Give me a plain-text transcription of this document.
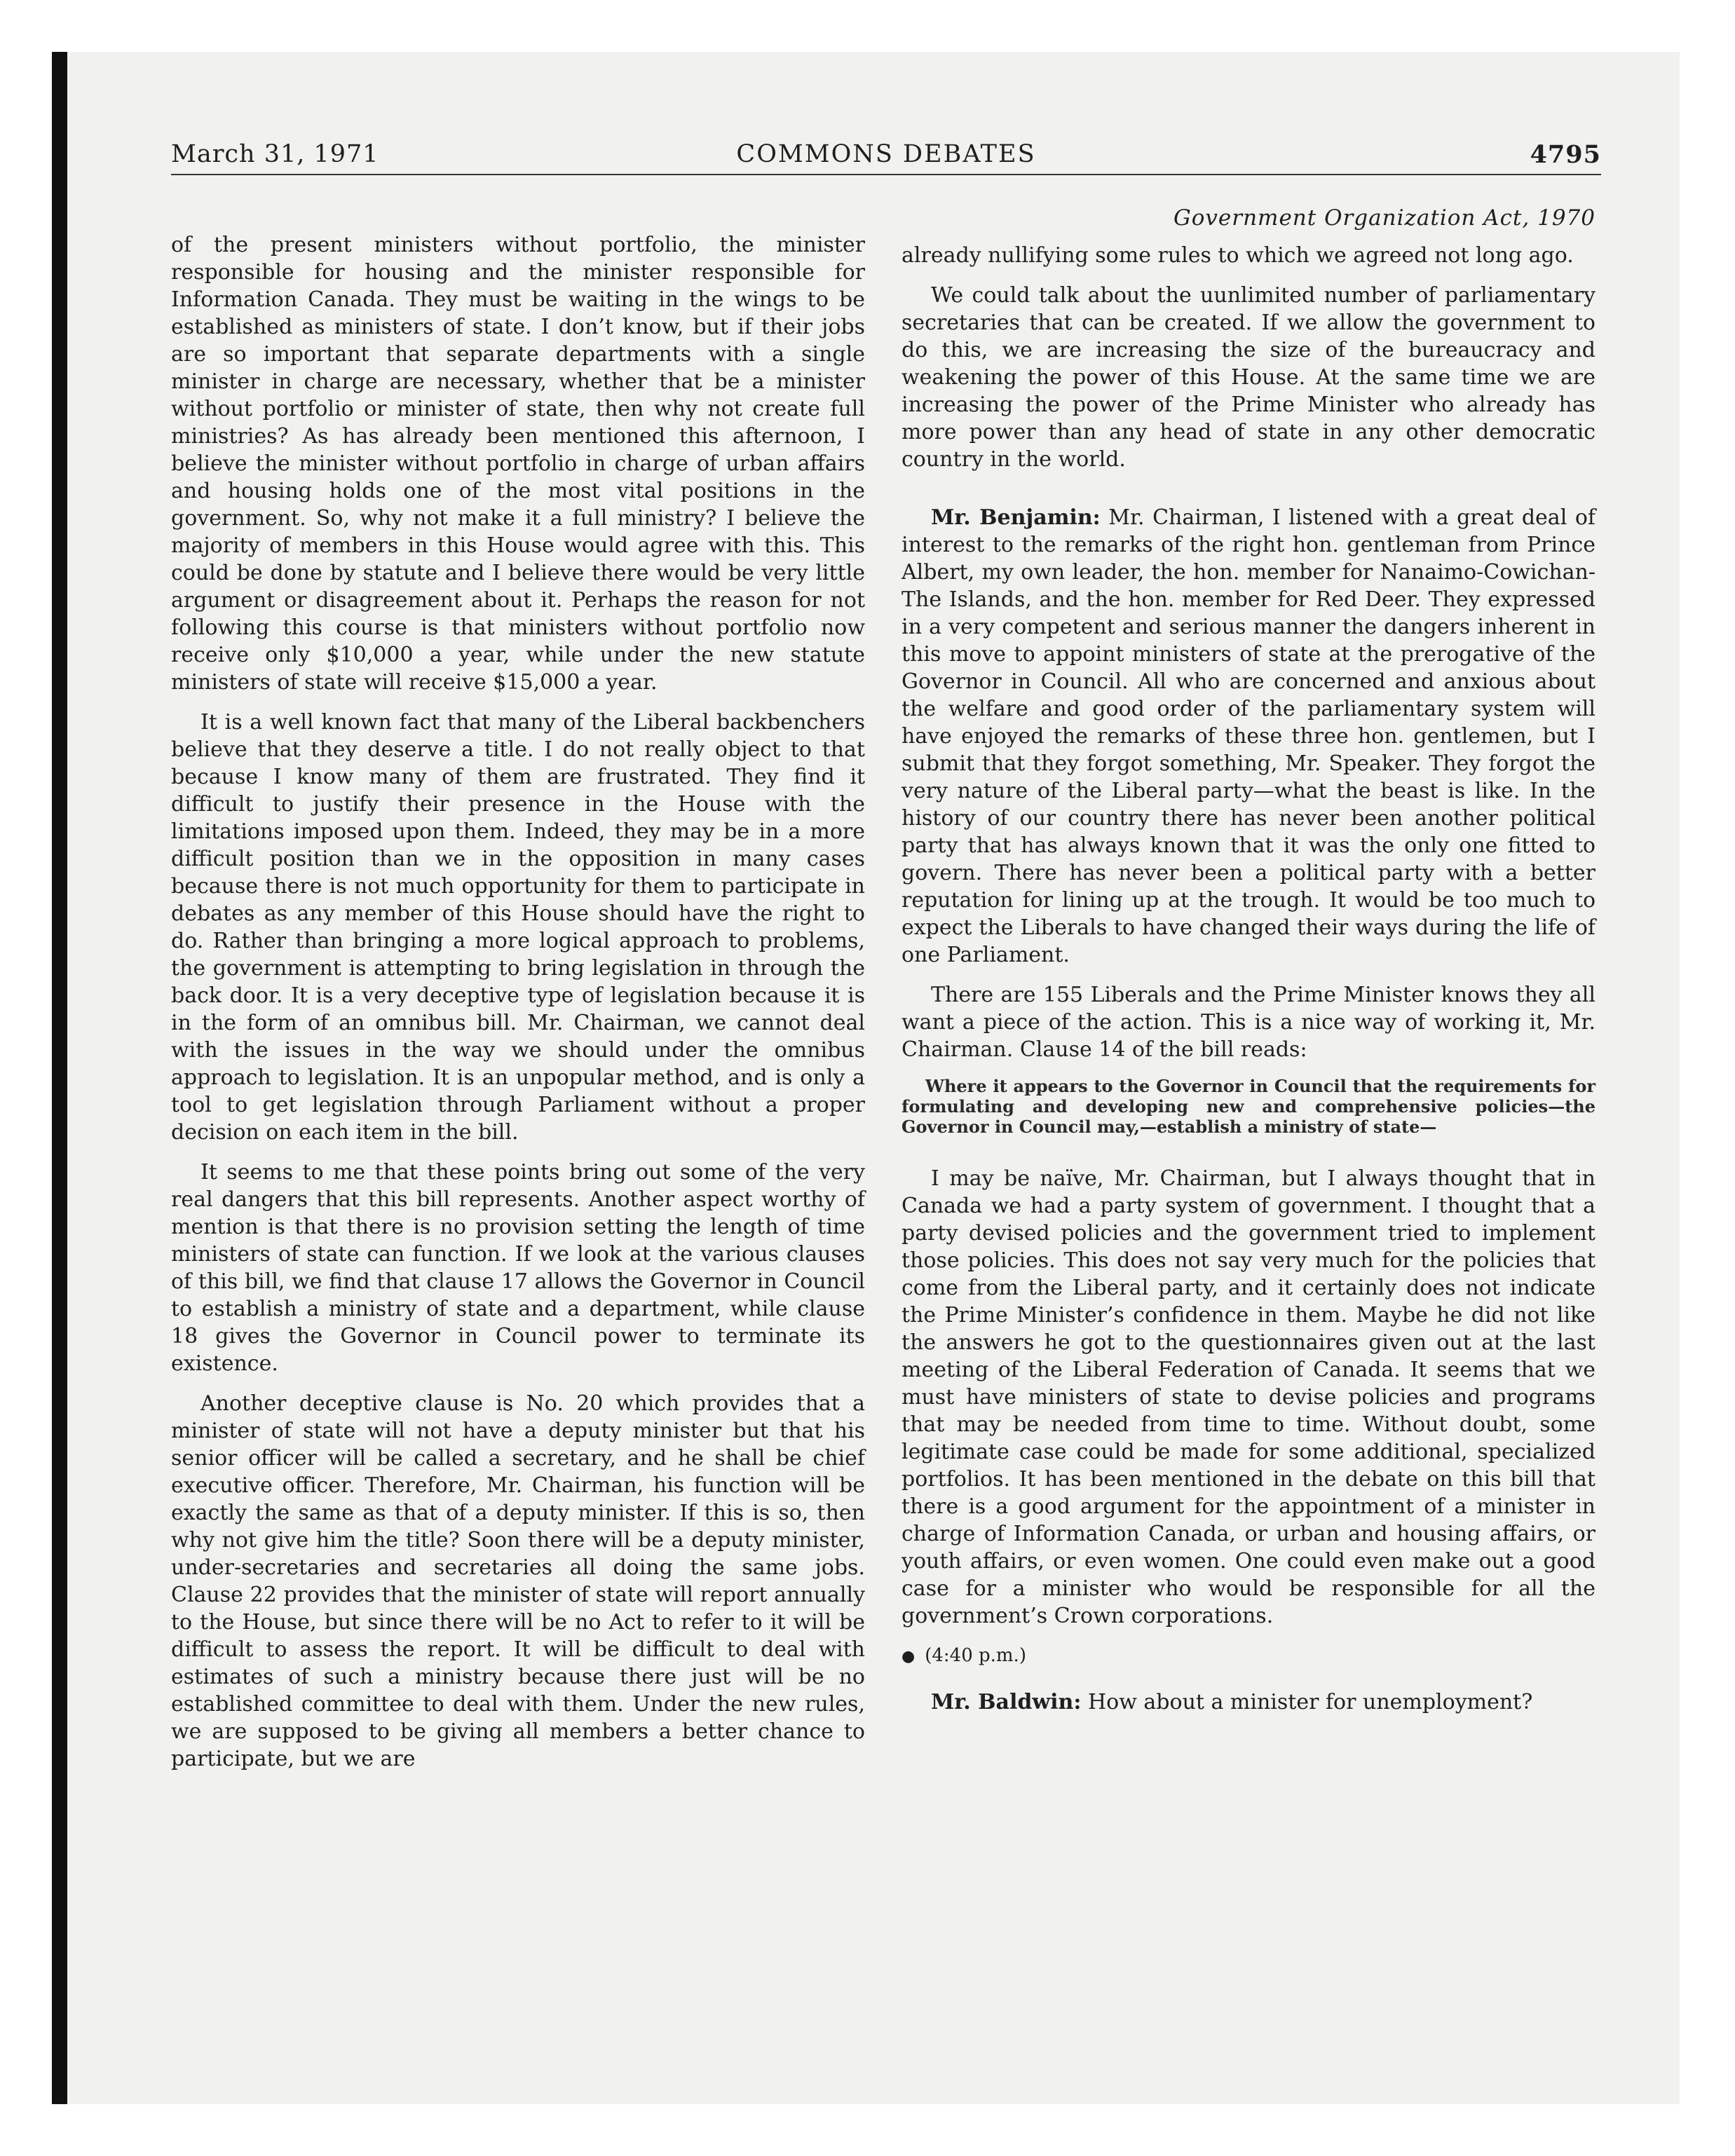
March 31, 1971	COMMONS DEBATES	4795

of the present ministers without portfolio, the minister responsible for housing and the minister responsible for Information Canada. They must be waiting in the wings to be established as ministers of state. I don’t know, but if their jobs are so important that separate departments with a single minister in charge are necessary, whether that be a minister without portfolio or minister of state, then why not create full ministries? As has already been mentioned this afternoon, I believe the minister without portfolio in charge of urban affairs and housing holds one of the most vital positions in the government. So, why not make it a full ministry? I believe the majority of members in this House would agree with this. This could be done by statute and I believe there would be very little argument or disagreement about it. Perhaps the reason for not following this course is that ministers without portfolio now receive only $10,000 a year, while under the new statute ministers of state will receive $15,000 a year.

It is a well known fact that many of the Liberal backbenchers believe that they deserve a title. I do not really object to that because I know many of them are frustrated. They find it difficult to justify their presence in the House with the limitations imposed upon them. Indeed, they may be in a more difficult position than we in the opposition in many cases because there is not much opportunity for them to participate in debates as any member of this House should have the right to do. Rather than bringing a more logical approach to problems, the government is attempting to bring legislation in through the back door. It is a very deceptive type of legislation because it is in the form of an omnibus bill. Mr. Chairman, we cannot deal with the issues in the way we should under the omnibus approach to legislation. It is an unpopular method, and is only a tool to get legislation through Parliament without a proper decision on each item in the bill.

It seems to me that these points bring out some of the very real dangers that this bill represents. Another aspect worthy of mention is that there is no provision setting the length of time ministers of state can function. If we look at the various clauses of this bill, we find that clause 17 allows the Governor in Council to establish a ministry of state and a department, while clause 18 gives the Governor in Council power to terminate its existence.

Another deceptive clause is No. 20 which provides that a minister of state will not have a deputy minister but that his senior officer will be called a secretary, and he shall be chief executive officer. Therefore, Mr. Chairman, his function will be exactly the same as that of a deputy minister. If this is so, then why not give him the title? Soon there will be a deputy minister, under-secretaries and secretaries all doing the same jobs. Clause 22 provides that the minister of state will report annually to the House, but since there will be no Act to refer to it will be difficult to assess the report. It will be difficult to deal with estimates of such a ministry because there just will be no established committee to deal with them. Under the new rules, we are supposed to be giving all members a better chance to participate, but we are

Government Organization Act, 1970

already nullifying some rules to which we agreed not long ago.

We could talk about the uunlimited number of parliamentary secretaries that can be created. If we allow the government to do this, we are increasing the size of the bureaucracy and weakening the power of this House. At the same time we are increasing the power of the Prime Minister who already has more power than any head of state in any other democratic country in the world.

Mr. Benjamin: Mr. Chairman, I listened with a great deal of interest to the remarks of the right hon. gentleman from Prince Albert, my own leader, the hon. member for Nanaimo-Cowichan-The Islands, and the hon. member for Red Deer. They expressed in a very competent and serious manner the dangers inherent in this move to appoint ministers of state at the prerogative of the Governor in Council. All who are concerned and anxious about the welfare and good order of the parliamentary system will have enjoyed the remarks of these three hon. gentlemen, but I submit that they forgot something, Mr. Speaker. They forgot the very nature of the Liberal party—what the beast is like. In the history of our country there has never been another political party that has always known that it was the only one fitted to govern. There has never been a political party with a better reputation for lining up at the trough. It would be too much to expect the Liberals to have changed their ways during the life of one Parliament.

There are 155 Liberals and the Prime Minister knows they all want a piece of the action. This is a nice way of working it, Mr. Chairman. Clause 14 of the bill reads:

Where it appears to the Governor in Council that the requirements for formulating and developing new and comprehensive policies—the Governor in Council may,—establish a ministry of state—

I may be naïve, Mr. Chairman, but I always thought that in Canada we had a party system of government. I thought that a party devised policies and the government tried to implement those policies. This does not say very much for the policies that come from the Liberal party, and it certainly does not indicate the Prime Minister’s confidence in them. Maybe he did not like the answers he got to the questionnaires given out at the last meeting of the Liberal Federation of Canada. It seems that we must have ministers of state to devise policies and programs that may be needed from time to time. Without doubt, some legitimate case could be made for some additional, specialized portfolios. It has been mentioned in the debate on this bill that there is a good argument for the appointment of a minister in charge of Information Canada, or urban and housing affairs, or youth affairs, or even women. One could even make out a good case for a minister who would be responsible for all the government’s Crown corporations.

● (4:40 p.m.)

Mr. Baldwin: How about a minister for unemployment?
